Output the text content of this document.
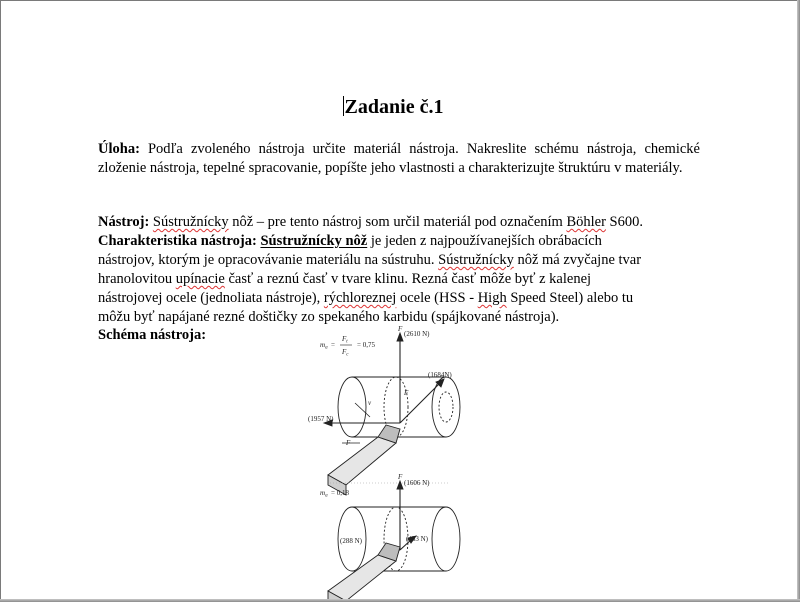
Zadanie č.1
Úloha: Podľa zvoleného nástroja určite materiál nástroja. Nakreslite schému nástroja, chemické zloženie nástroja, tepelné spracovanie, popíšte jeho vlastnosti a charakterizujte štruktúru v materiály.
Nástroj: Sústružnícky nôž – pre tento nástroj som určil materiál pod označením Böhler S600.
Charakteristika nástroja: Sústružnícky nôž je jeden z najpoužívanejších obrábacích
nástrojov, ktorým je opracovávanie materiálu na sústruhu. Sústružnícky nôž má zvyčajne tvar
hranolovitou upínacie časť a reznú časť v tvare klinu. Rezná časť môže byť z kalenej
nástrojovej ocele (jednoliata nástroje), rýchloreznej ocele (HSS - High Speed Steel) alebo tu
môžu byť napájané rezné doštičky zo spekaného karbidu (spájkované nástroja).
Schéma nástroja:
$m_a$ =
$F_t$
$F_c$
= 0,75
(2610 N)
(1684N)
(1957 N)
F
F
v
F
$m_a = 0,18$
(1606 N)
(288 N)	(433 N)
F
